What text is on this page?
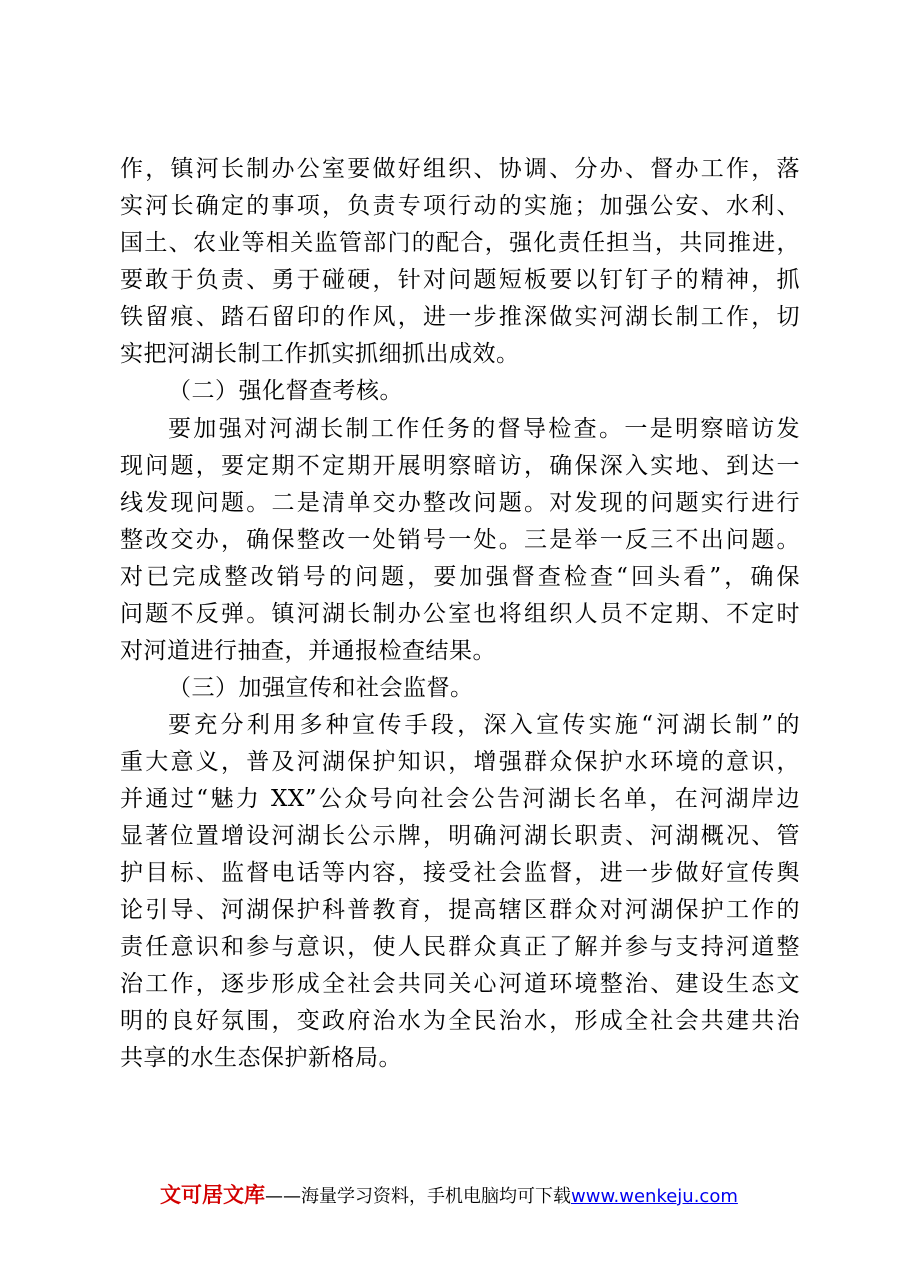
作，镇河长制办公室要做好组织、协调、分办、督办工作，落
实河长确定的事项，负责专项行动的实施；加强公安、水利、
国土、农业等相关监管部门的配合，强化责任担当，共同推进，
要敢于负责、勇于碰硬，针对问题短板要以钉钉子的精神，抓
铁留痕、踏石留印的作风，进一步推深做实河湖长制工作，切
实把河湖长制工作抓实抓细抓出成效。
（二）强化督查考核。
要加强对河湖长制工作任务的督导检查。一是明察暗访发
现问题，要定期不定期开展明察暗访，确保深入实地、到达一
线发现问题。二是清单交办整改问题。对发现的问题实行进行
整改交办，确保整改一处销号一处。三是举一反三不出问题。
对已完成整改销号的问题，要加强督查检查“回头看”，确保
问题不反弹。镇河湖长制办公室也将组织人员不定期、不定时
对河道进行抽查，并通报检查结果。
（三）加强宣传和社会监督。
要充分利用多种宣传手段，深入宣传实施“河湖长制”的
重大意义，普及河湖保护知识，增强群众保护水环境的意识，
并通过“魅力 XX”公众号向社会公告河湖长名单，在河湖岸边
显著位置增设河湖长公示牌，明确河湖长职责、河湖概况、管
护目标、监督电话等内容，接受社会监督，进一步做好宣传舆
论引导、河湖保护科普教育，提高辖区群众对河湖保护工作的
责任意识和参与意识，使人民群众真正了解并参与支持河道整
治工作，逐步形成全社会共同关心河道环境整治、建设生态文
明的良好氛围，变政府治水为全民治水，形成全社会共建共治
共享的水生态保护新格局。
文可居文库——海量学习资料，手机电脑均可下载www.wenkeju.com
